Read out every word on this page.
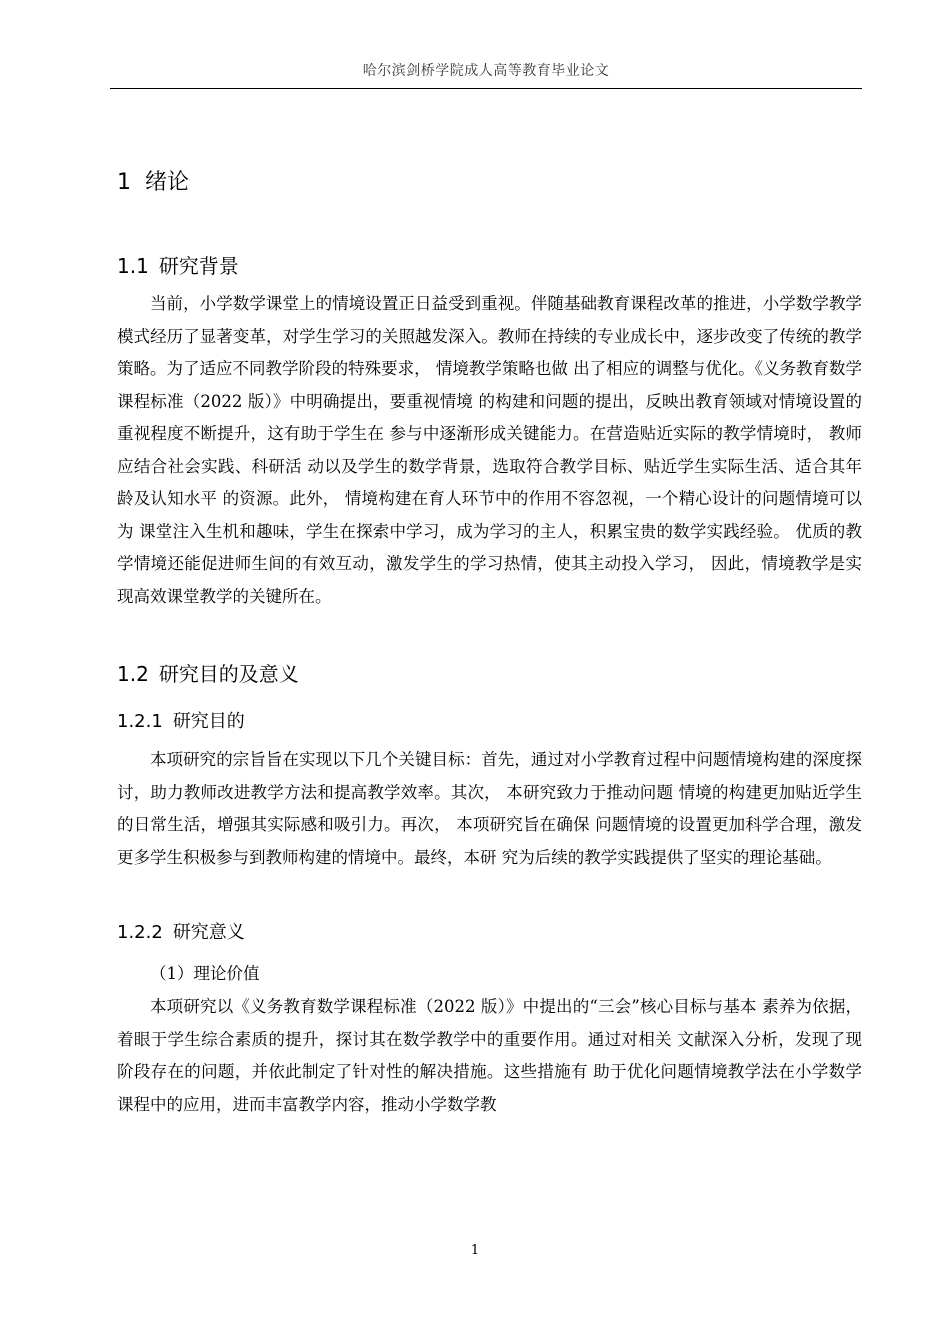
哈尔滨剑桥学院成人高等教育毕业论文
1 绪论
1.1 研究背景

当前，小学数学课堂上的情境设置正日益受到重视。伴随基础教育课程改革的推进，小学数学教学模式经历了显著变革，对学生学习的关照越发深入。教师在持续的专业成长中，逐步改变了传统的教学策略。为了适应不同教学阶段的特殊要求， 情境教学策略也做 出了相应的调整与优化。《义务教育数学课程标准（2022 版）》中明确提出，要重视情境 的构建和问题的提出，反映出教育领域对情境设置的重视程度不断提升，这有助于学生在 参与中逐渐形成关键能力。在营造贴近实际的教学情境时， 教师应结合社会实践、科研活 动以及学生的数学背景，选取符合教学目标、贴近学生实际生活、适合其年龄及认知水平 的资源。此外， 情境构建在育人环节中的作用不容忽视，一个精心设计的问题情境可以为 课堂注入生机和趣味，学生在探索中学习，成为学习的主人，积累宝贵的数学实践经验。 优质的教学情境还能促进师生间的有效互动，激发学生的学习热情，使其主动投入学习， 因此，情境教学是实现高效课堂教学的关键所在。

1.2 研究目的及意义
1.2.1 研究目的

本项研究的宗旨旨在实现以下几个关键目标：首先，通过对小学教育过程中问题情境构建的深度探讨，助力教师改进教学方法和提高教学效率。其次， 本研究致力于推动问题 情境的构建更加贴近学生的日常生活，增强其实际感和吸引力。再次， 本项研究旨在确保 问题情境的设置更加科学合理，激发更多学生积极参与到教师构建的情境中。最终，本研 究为后续的教学实践提供了坚实的理论基础。

1.2.2 研究意义

（1）理论价值

本项研究以《义务教育数学课程标准（2022 版）》中提出的“三会”核心目标与基本 素养为依据，着眼于学生综合素质的提升，探讨其在数学教学中的重要作用。通过对相关 文献深入分析，发现了现阶段存在的问题，并依此制定了针对性的解决措施。这些措施有 助于优化问题情境教学法在小学数学课程中的应用，进而丰富教学内容，推动小学数学教

1
